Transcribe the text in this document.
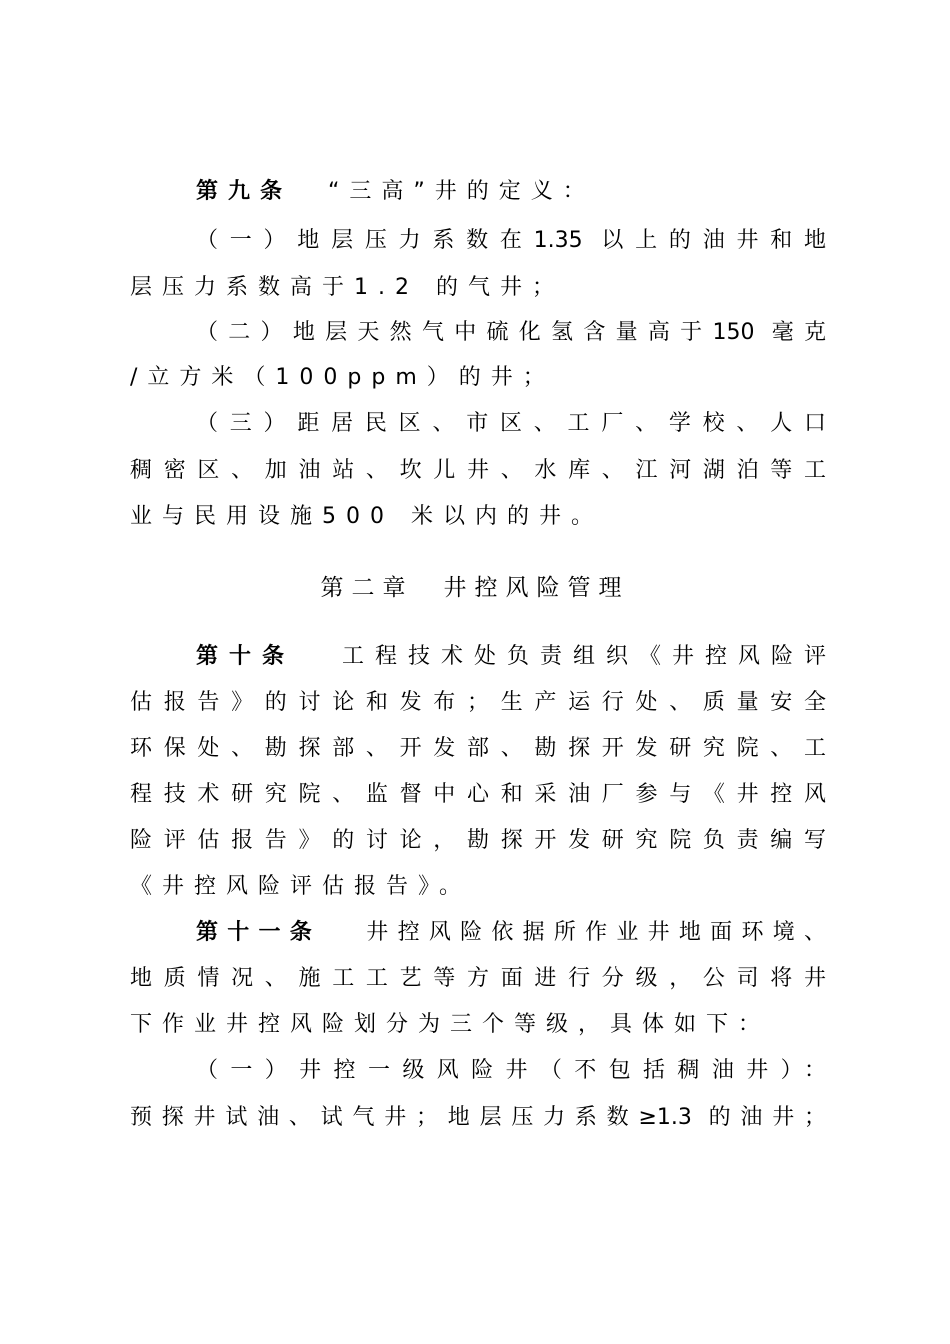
第九条 “三高”井的定义：
（一）地层压力系数在1.35 以上的油井和地
层压力系数高于1.2 的气井；
（二）地层天然气中硫化氢含量高于150 毫克
/立方米（100ppm）的井；
（三）距居民区、市区、工厂、学校、人口
稠密区、加油站、坎儿井、水库、江河湖泊等工
业与民用设施500 米以内的井。
第二章 井控风险管理
第十条 工程技术处负责组织《井控风险评
估报告》的讨论和发布；生产运行处、质量安全
环保处、勘探部、开发部、勘探开发研究院、工
程技术研究院、监督中心和采油厂参与《井控风
险评估报告》的讨论，勘探开发研究院负责编写
《井控风险评估报告》。
第十一条 井控风险依据所作业井地面环境、
地质情况、施工工艺等方面进行分级，公司将井
下作业井控风险划分为三个等级，具体如下：
（一）井控一级风险井（不包括稠油井）：
预探井试油、试气井；地层压力系数≥1.3 的油井；
